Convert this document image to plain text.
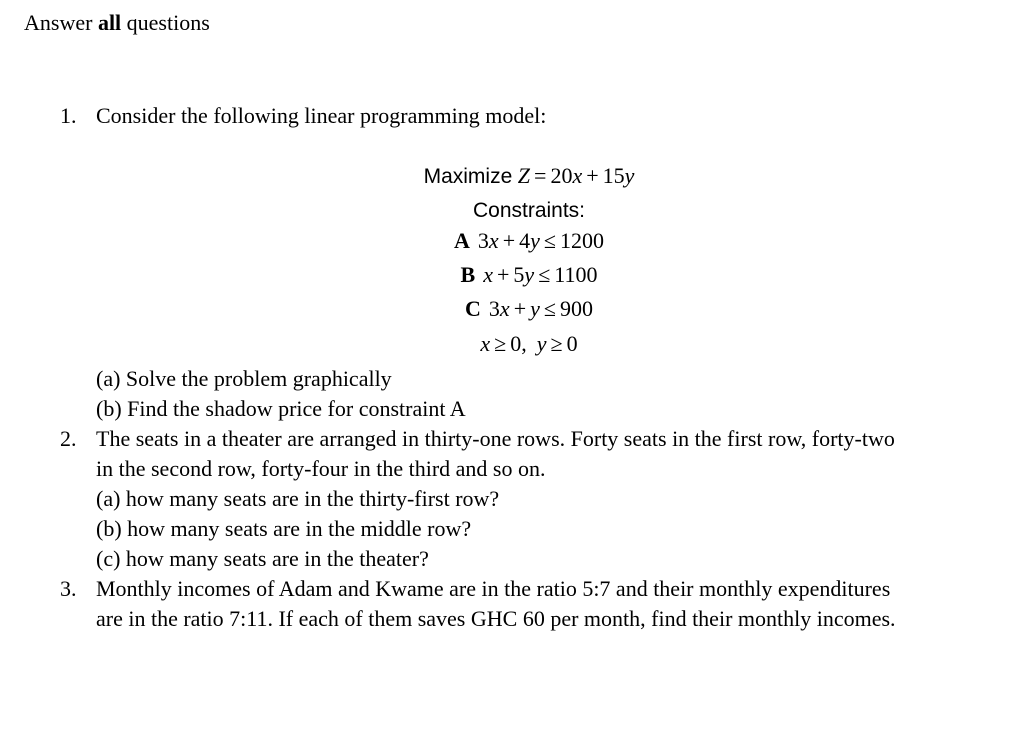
Answer all questions
1. Consider the following linear programming model:
Maximize Z = 20x + 15y
Constraints:
A 3x + 4y ≤ 1200
B x + 5y ≤ 1100
C 3x + y ≤ 900
x ≥ 0, y ≥ 0
(a) Solve the problem graphically
(b) Find the shadow price for constraint A
2. The seats in a theater are arranged in thirty-one rows. Forty seats in the first row, forty-two
in the second row, forty-four in the third and so on.
(a) how many seats are in the thirty-first row?
(b) how many seats are in the middle row?
(c) how many seats are in the theater?
3. Monthly incomes of Adam and Kwame are in the ratio 5:7 and their monthly expenditures
are in the ratio 7:11. If each of them saves GHC 60 per month, find their monthly incomes.
